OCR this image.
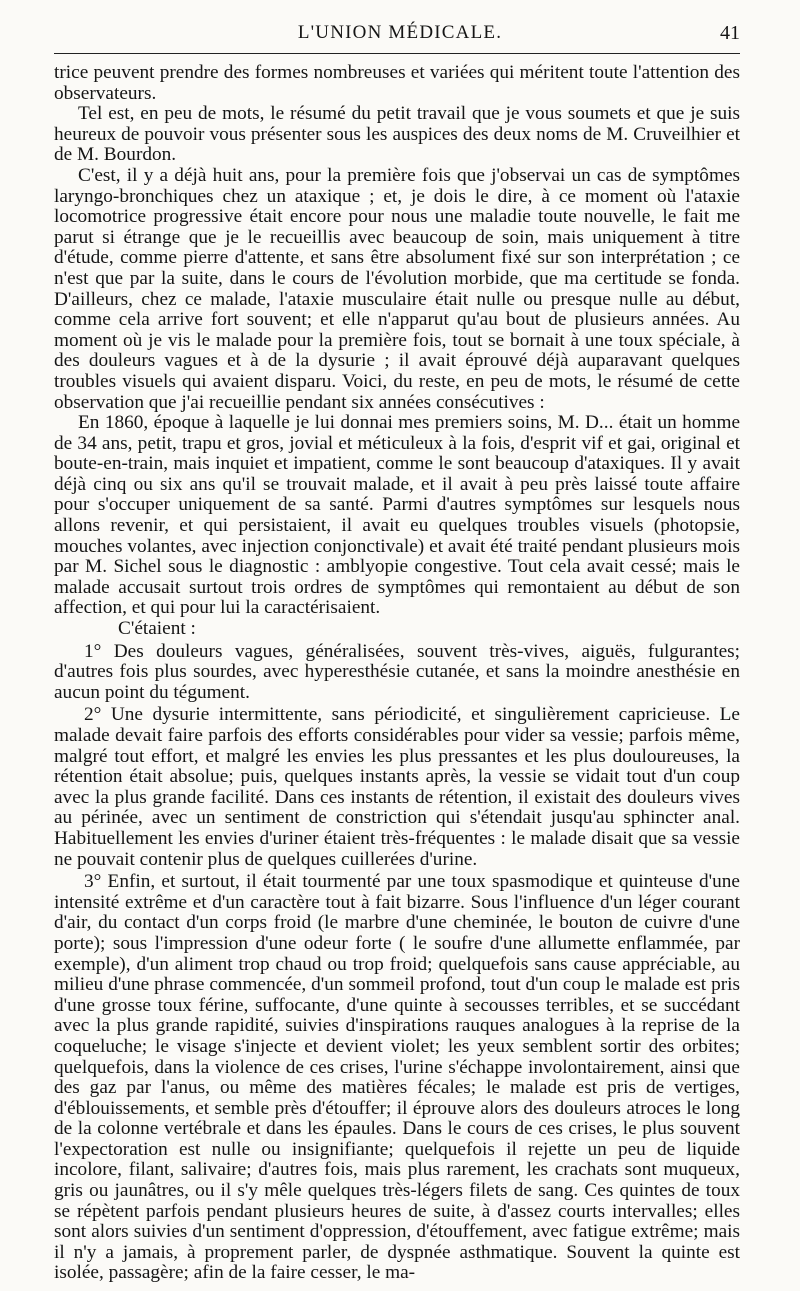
L'UNION MÉDICALE.	41

trice peuvent prendre des formes nombreuses et variées qui méritent toute l'attention des observateurs.

Tel est, en peu de mots, le résumé du petit travail que je vous soumets et que je suis heureux de pouvoir vous présenter sous les auspices des deux noms de M. Cruveilhier et de M. Bourdon.

C'est, il y a déjà huit ans, pour la première fois que j'observai un cas de symptômes laryngo-bronchiques chez un ataxique ; et, je dois le dire, à ce moment où l'ataxie locomotrice progressive était encore pour nous une maladie toute nouvelle, le fait me parut si étrange que je le recueillis avec beaucoup de soin, mais uniquement à titre d'étude, comme pierre d'attente, et sans être absolument fixé sur son interprétation ; ce n'est que par la suite, dans le cours de l'évolution morbide, que ma certitude se fonda. D'ailleurs, chez ce malade, l'ataxie musculaire était nulle ou presque nulle au début, comme cela arrive fort souvent; et elle n'apparut qu'au bout de plusieurs années. Au moment où je vis le malade pour la première fois, tout se bornait à une toux spéciale, à des douleurs vagues et à de la dysurie ; il avait éprouvé déjà auparavant quelques troubles visuels qui avaient disparu. Voici, du reste, en peu de mots, le résumé de cette observation que j'ai recueillie pendant six années consécutives :

En 1860, époque à laquelle je lui donnai mes premiers soins, M. D... était un homme de 34 ans, petit, trapu et gros, jovial et méticuleux à la fois, d'esprit vif et gai, original et boute-en-train, mais inquiet et impatient, comme le sont beaucoup d'ataxiques. Il y avait déjà cinq ou six ans qu'il se trouvait malade, et il avait à peu près laissé toute affaire pour s'occuper uniquement de sa santé. Parmi d'autres symptômes sur lesquels nous allons revenir, et qui persistaient, il avait eu quelques troubles visuels (photopsie, mouches volantes, avec injection conjonctivale) et avait été traité pendant plusieurs mois par M. Sichel sous le diagnostic : amblyopie congestive. Tout cela avait cessé; mais le malade accusait surtout trois ordres de symptômes qui remontaient au début de son affection, et qui pour lui la caractérisaient.

C'étaient :

1° Des douleurs vagues, généralisées, souvent très-vives, aiguës, fulgurantes; d'autres fois plus sourdes, avec hyperesthésie cutanée, et sans la moindre anesthésie en aucun point du tégument.

2° Une dysurie intermittente, sans périodicité, et singulièrement capricieuse. Le malade devait faire parfois des efforts considérables pour vider sa vessie; parfois même, malgré tout effort, et malgré les envies les plus pressantes et les plus douloureuses, la rétention était absolue; puis, quelques instants après, la vessie se vidait tout d'un coup avec la plus grande facilité. Dans ces instants de rétention, il existait des douleurs vives au périnée, avec un sentiment de constriction qui s'étendait jusqu'au sphincter anal. Habituellement les envies d'uriner étaient très-fréquentes : le malade disait que sa vessie ne pouvait contenir plus de quelques cuillerées d'urine.

3° Enfin, et surtout, il était tourmenté par une toux spasmodique et quinteuse d'une intensité extrême et d'un caractère tout à fait bizarre. Sous l'influence d'un léger courant d'air, du contact d'un corps froid (le marbre d'une cheminée, le bouton de cuivre d'une porte); sous l'impression d'une odeur forte ( le soufre d'une allumette enflammée, par exemple), d'un aliment trop chaud ou trop froid; quelquefois sans cause appréciable, au milieu d'une phrase commencée, d'un sommeil profond, tout d'un coup le malade est pris d'une grosse toux férine, suffocante, d'une quinte à secousses terribles, et se succédant avec la plus grande rapidité, suivies d'inspirations rauques analogues à la reprise de la coqueluche; le visage s'injecte et devient violet; les yeux semblent sortir des orbites; quelquefois, dans la violence de ces crises, l'urine s'échappe involontairement, ainsi que des gaz par l'anus, ou même des matières fécales; le malade est pris de vertiges, d'éblouissements, et semble près d'étouffer; il éprouve alors des douleurs atroces le long de la colonne vertébrale et dans les épaules. Dans le cours de ces crises, le plus souvent l'expectoration est nulle ou insignifiante; quelquefois il rejette un peu de liquide incolore, filant, salivaire; d'autres fois, mais plus rarement, les crachats sont muqueux, gris ou jaunâtres, ou il s'y mêle quelques très-légers filets de sang. Ces quintes de toux se répètent parfois pendant plusieurs heures de suite, à d'assez courts intervalles; elles sont alors suivies d'un sentiment d'oppression, d'étouffement, avec fatigue extrême; mais il n'y a jamais, à proprement parler, de dyspnée asthmatique. Souvent la quinte est isolée, passagère; afin de la faire cesser, le ma-
